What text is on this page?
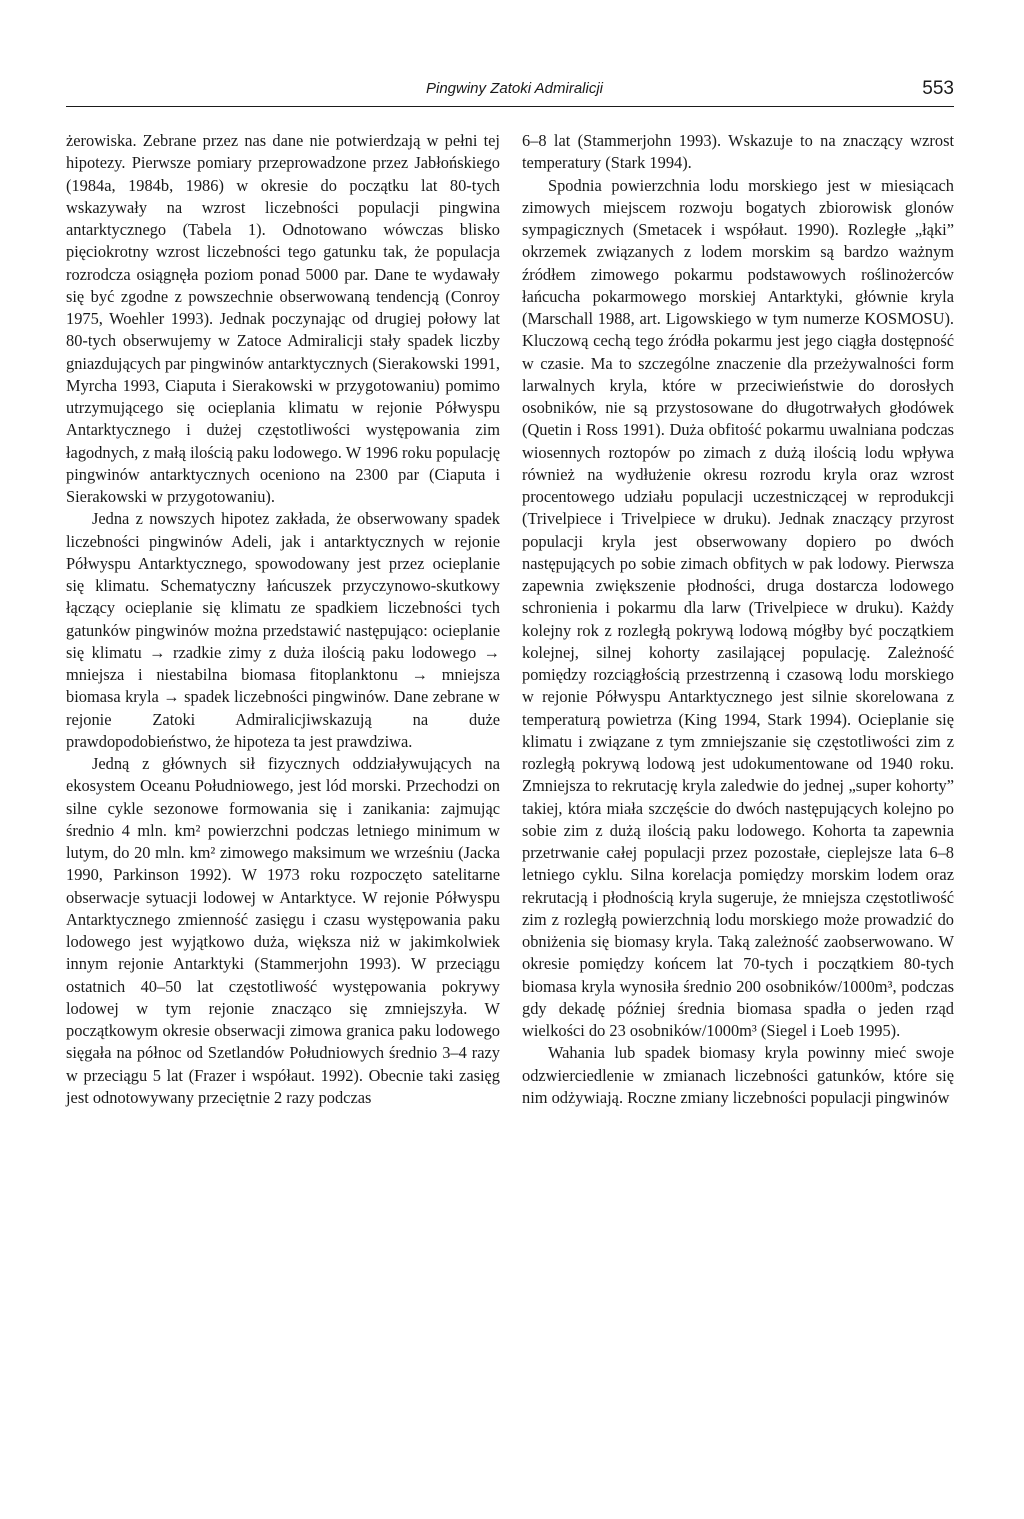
Pingwiny Zatoki Admiralicji	553

żerowiska. Zebrane przez nas dane nie potwierdzają w pełni tej hipotezy. Pierwsze pomiary przeprowadzone przez Jabłońskiego (1984a, 1984b, 1986) w okresie do początku lat 80-tych wskazywały na wzrost liczebności populacji pingwina antarktycznego (Tabela 1). Odnotowano wówczas blisko pięciokrotny wzrost liczebności tego gatunku tak, że populacja rozrodcza osiągnęła poziom ponad 5000 par. Dane te wydawały się być zgodne z powszechnie obserwowaną tendencją (Conroy 1975, Woehler 1993). Jednak poczynając od drugiej połowy lat 80-tych obserwujemy w Zatoce Admiralicji stały spadek liczby gniazdujących par pingwinów antarktycznych (Sierakowski 1991, Myrcha 1993, Ciaputa i Sierakowski w przygotowaniu) pomimo utrzymującego się ocieplania klimatu w rejonie Półwyspu Antarktycznego i dużej częstotliwości występowania zim łagodnych, z małą ilością paku lodowego. W 1996 roku populację pingwinów antarktycznych oceniono na 2300 par (Ciaputa i Sierakowski w przygotowaniu).

Jedna z nowszych hipotez zakłada, że obserwowany spadek liczebności pingwinów Adeli, jak i antarktycznych w rejonie Półwyspu Antarktycznego, spowodowany jest przez ocieplanie się klimatu. Schematyczny łańcuszek przyczynowo-skutkowy łączący ocieplanie się klimatu ze spadkiem liczebności tych gatunków pingwinów można przedstawić następująco: ocieplanie się klimatu → rzadkie zimy z duża ilością paku lodowego → mniejsza i niestabilna biomasa fitoplanktonu → mniejsza biomasa kryla → spadek liczebności pingwinów. Dane zebrane w rejonie Zatoki Admiralicjiwskazują na duże prawdopodobieństwo, że hipoteza ta jest prawdziwa.

Jedną z głównych sił fizycznych oddziaływujących na ekosystem Oceanu Południowego, jest lód morski. Przechodzi on silne cykle sezonowe formowania się i zanikania: zajmując średnio 4 mln. km² powierzchni podczas letniego minimum w lutym, do 20 mln. km² zimowego maksimum we wrześniu (Jacka 1990, Parkinson 1992). W 1973 roku rozpoczęto satelitarne obserwacje sytuacji lodowej w Antarktyce. W rejonie Półwyspu Antarktycznego zmienność zasięgu i czasu występowania paku lodowego jest wyjątkowo duża, większa niż w jakimkolwiek innym rejonie Antarktyki (Stammerjohn 1993). W przeciągu ostatnich 40–50 lat częstotliwość występowania pokrywy lodowej w tym rejonie znacząco się zmniejszyła. W początkowym okresie obserwacji zimowa granica paku lodowego sięgała na północ od Szetlandów Południowych średnio 3–4 razy w przeciągu 5 lat (Frazer i współaut. 1992). Obecnie taki zasięg jest odnotowywany przeciętnie 2 razy podczas

6–8 lat (Stammerjohn 1993). Wskazuje to na znaczący wzrost temperatury (Stark 1994).

Spodnia powierzchnia lodu morskiego jest w miesiącach zimowych miejscem rozwoju bogatych zbiorowisk glonów sympagicznych (Smetacek i współaut. 1990). Rozległe „łąki” okrzemek związanych z lodem morskim są bardzo ważnym źródłem zimowego pokarmu podstawowych roślinożerców łańcucha pokarmowego morskiej Antarktyki, głównie kryla (Marschall 1988, art. Ligowskiego w tym numerze KOSMOSU). Kluczową cechą tego źródła pokarmu jest jego ciągła dostępność w czasie. Ma to szczególne znaczenie dla przeżywalności form larwalnych kryla, które w przeciwieństwie do dorosłych osobników, nie są przystosowane do długotrwałych głodówek (Quetin i Ross 1991). Duża obfitość pokarmu uwalniana podczas wiosennych roztopów po zimach z dużą ilością lodu wpływa również na wydłużenie okresu rozrodu kryla oraz wzrost procentowego udziału populacji uczestniczącej w reprodukcji (Trivelpiece i Trivelpiece w druku). Jednak znaczący przyrost populacji kryla jest obserwowany dopiero po dwóch następujących po sobie zimach obfitych w pak lodowy. Pierwsza zapewnia zwiększenie płodności, druga dostarcza lodowego schronienia i pokarmu dla larw (Trivelpiece w druku). Każdy kolejny rok z rozległą pokrywą lodową mógłby być początkiem kolejnej, silnej kohorty zasilającej populację. Zależność pomiędzy rozciągłością przestrzenną i czasową lodu morskiego w rejonie Półwyspu Antarktycznego jest silnie skorelowana z temperaturą powietrza (King 1994, Stark 1994). Ocieplanie się klimatu i związane z tym zmniejszanie się częstotliwości zim z rozległą pokrywą lodową jest udokumentowane od 1940 roku. Zmniejsza to rekrutację kryla zaledwie do jednej „super kohorty” takiej, która miała szczęście do dwóch następujących kolejno po sobie zim z dużą ilością paku lodowego. Kohorta ta zapewnia przetrwanie całej populacji przez pozostałe, cieplejsze lata 6–8 letniego cyklu. Silna korelacja pomiędzy morskim lodem oraz rekrutacją i płodnością kryla sugeruje, że mniejsza częstotliwość zim z rozległą powierzchnią lodu morskiego może prowadzić do obniżenia się biomasy kryla. Taką zależność zaobserwowano. W okresie pomiędzy końcem lat 70-tych i początkiem 80-tych biomasa kryla wynosiła średnio 200 osobników/1000m³, podczas gdy dekadę później średnia biomasa spadła o jeden rząd wielkości do 23 osobników/1000m³ (Siegel i Loeb 1995).

Wahania lub spadek biomasy kryla powinny mieć swoje odzwierciedlenie w zmianach liczebności gatunków, które się nim odżywiają. Roczne zmiany liczebności populacji pingwinów
